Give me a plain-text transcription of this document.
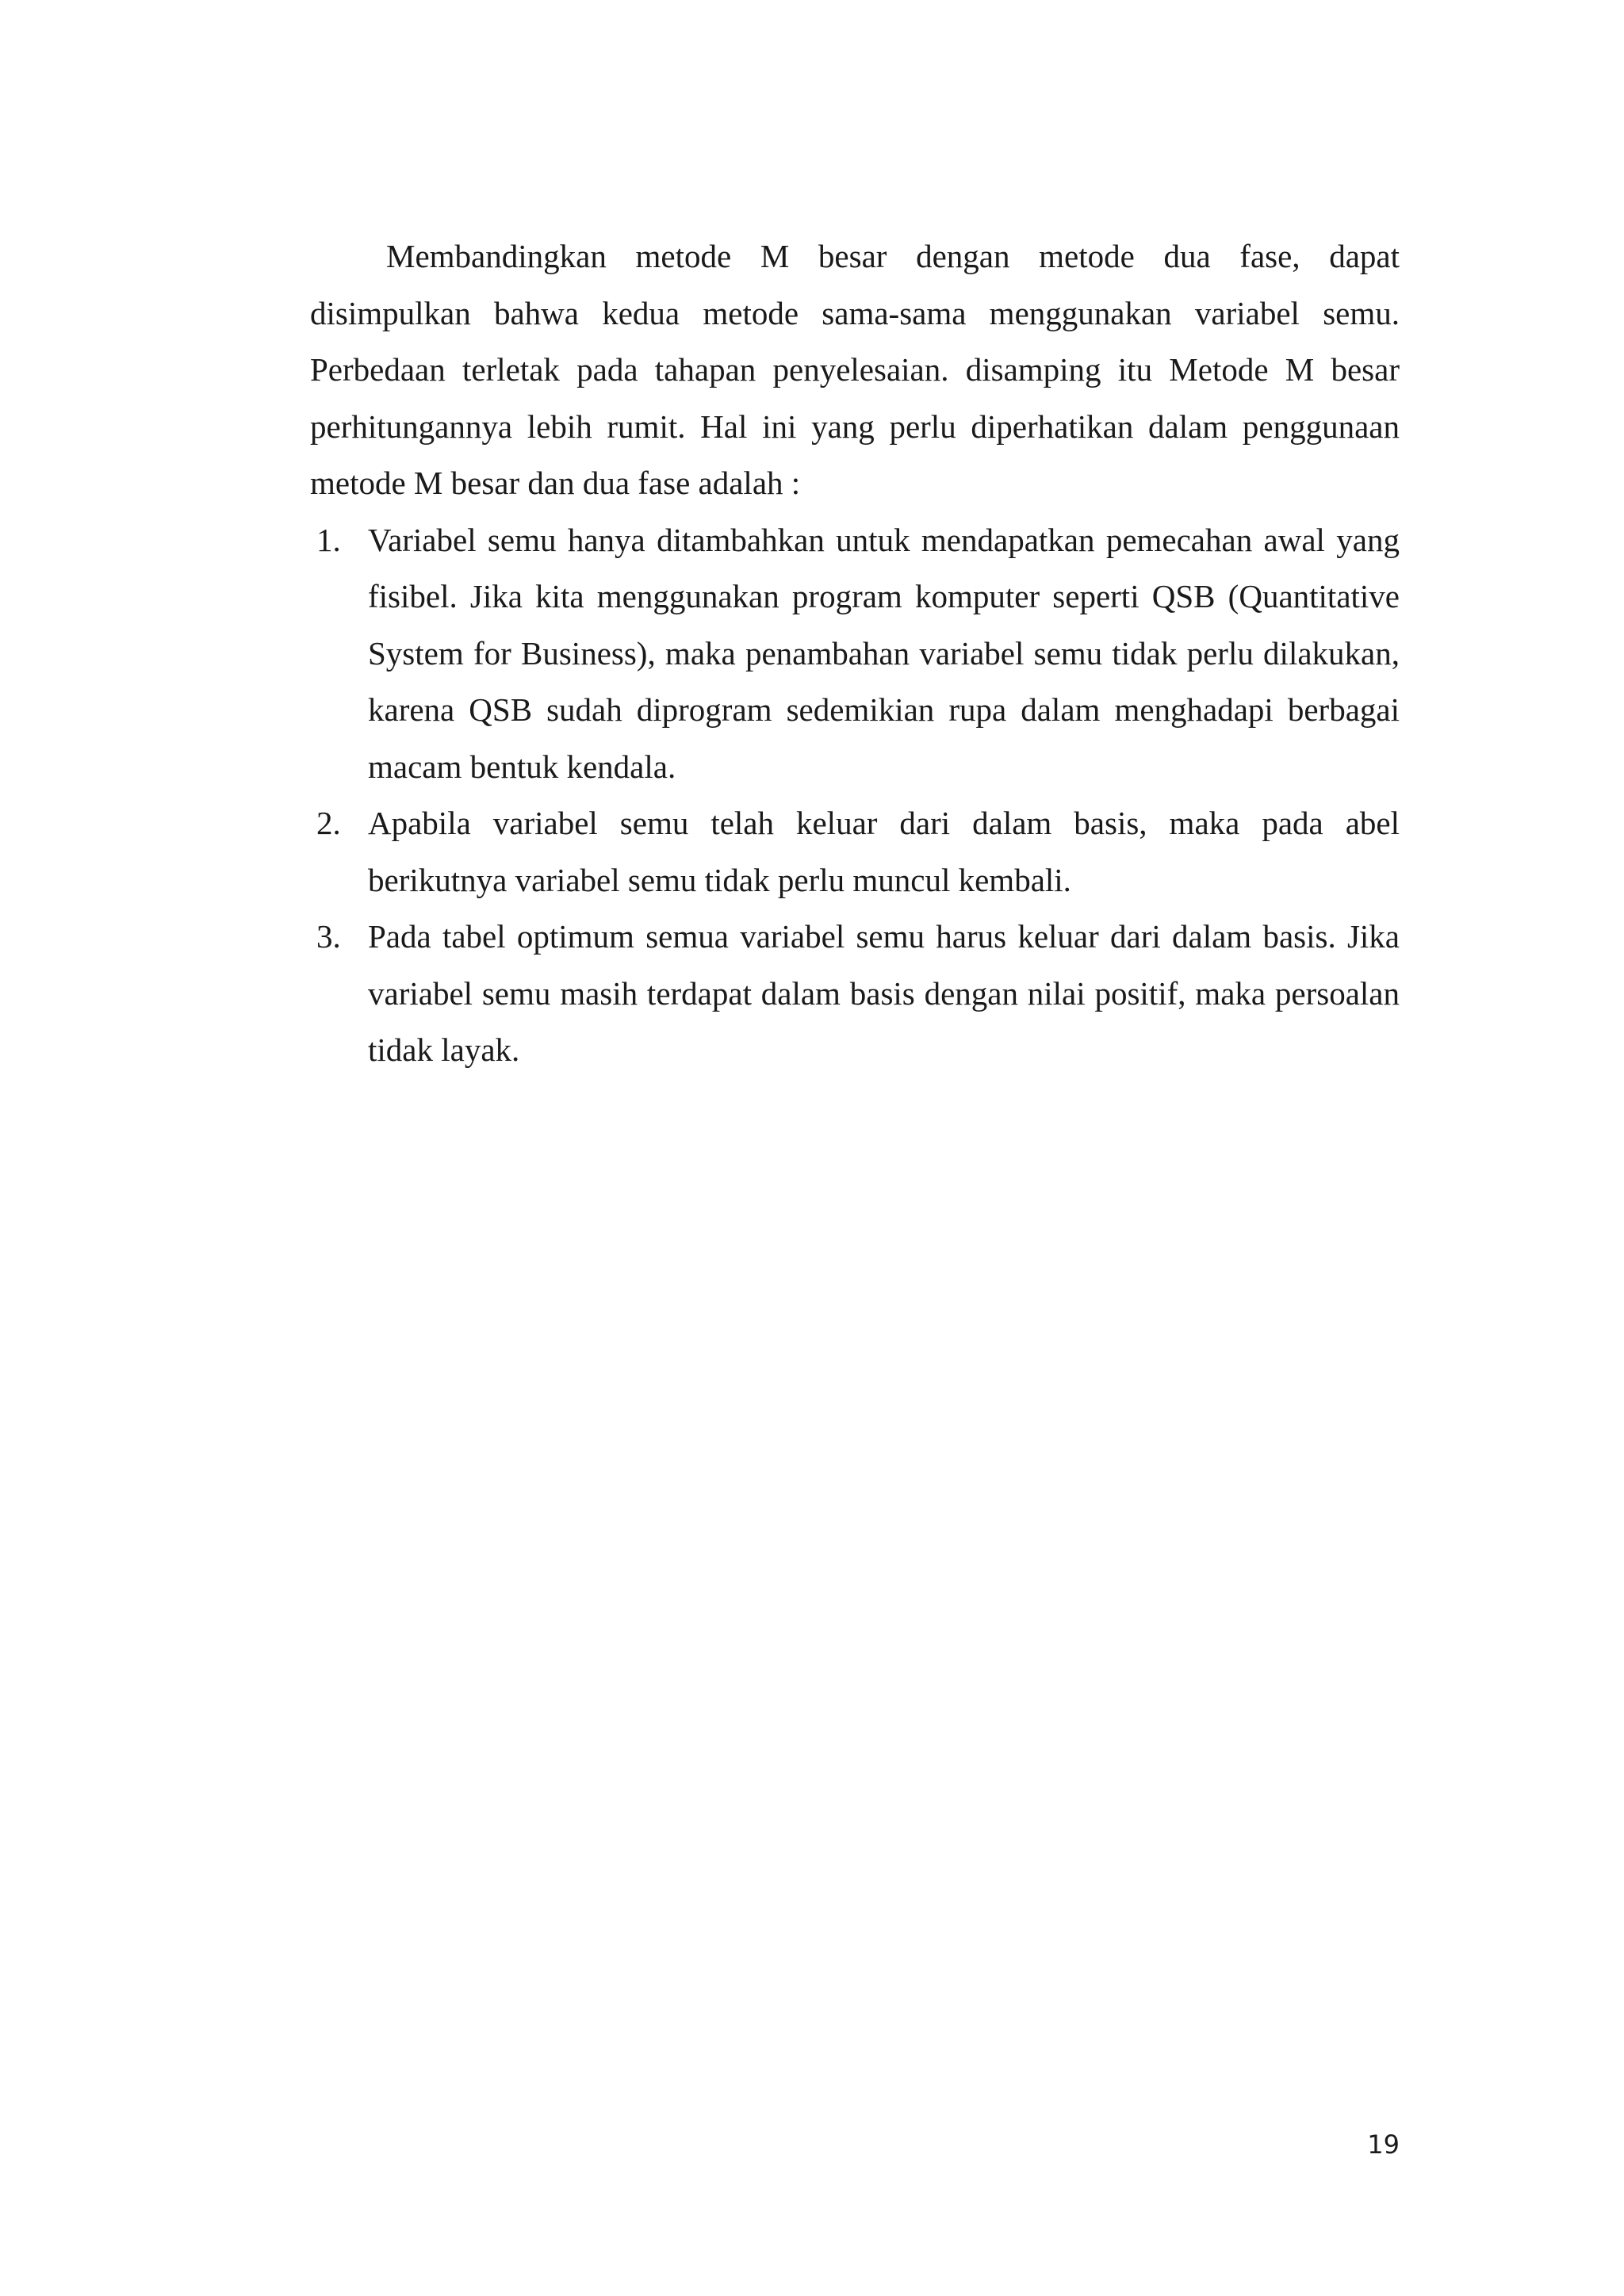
Membandingkan metode M besar dengan metode dua fase, dapat disimpulkan bahwa kedua metode sama-sama menggunakan variabel semu. Perbedaan terletak pada tahapan penyelesaian. disamping itu Metode M besar perhitungannya lebih rumit. Hal ini yang perlu diperhatikan dalam penggunaan metode M besar dan dua fase adalah :

1. Variabel semu hanya ditambahkan untuk mendapatkan pemecahan awal yang fisibel. Jika kita menggunakan program komputer seperti QSB (Quantitative System for Business), maka penambahan variabel semu tidak perlu dilakukan, karena QSB sudah diprogram sedemikian rupa dalam menghadapi berbagai macam bentuk kendala.
2. Apabila variabel semu telah keluar dari dalam basis, maka pada abel berikutnya variabel semu tidak perlu muncul kembali.
3. Pada tabel optimum semua variabel semu harus keluar dari dalam basis. Jika variabel semu masih terdapat dalam basis dengan nilai positif, maka persoalan tidak layak.
19
